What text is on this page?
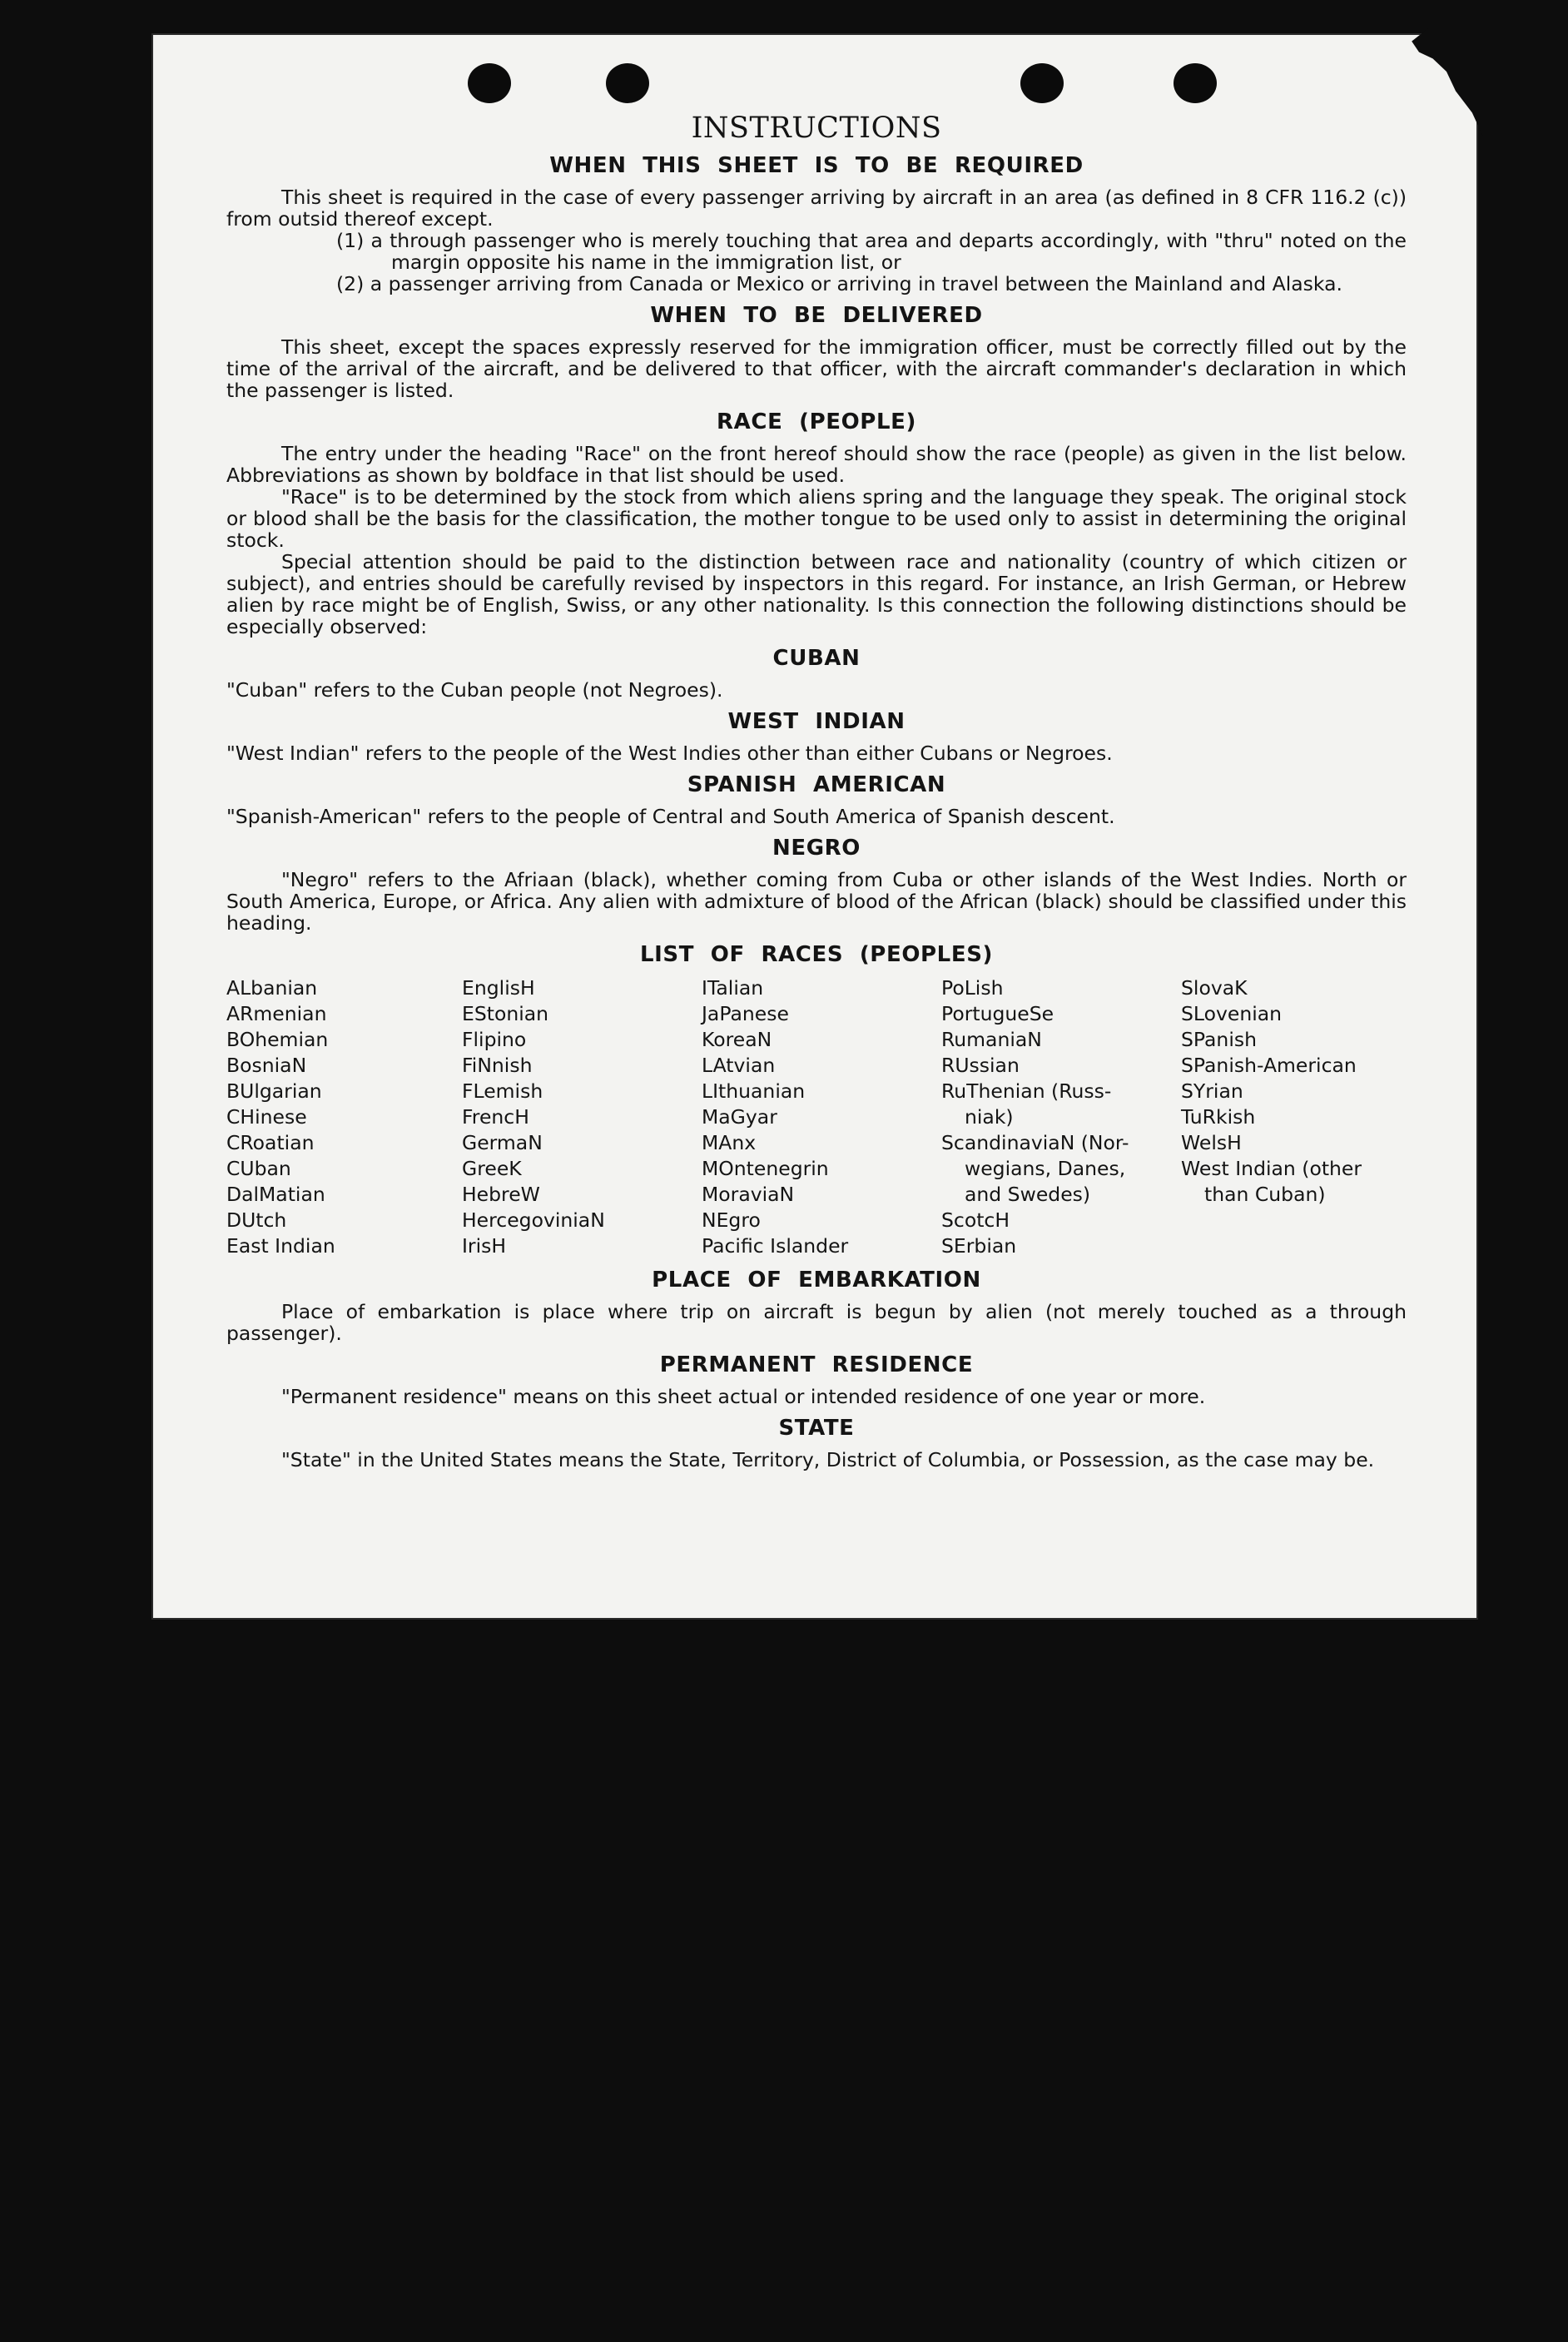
INSTRUCTIONS
WHEN THIS SHEET IS TO BE REQUIRED

This sheet is required in the case of every passenger arriving by aircraft in an area (as defined in 8 CFR 116.2 (c)) from outsid thereof except.

(1) a through passenger who is merely touching that area and departs accordingly, with "thru" noted on the margin opposite his name in the immigration list, or
(2) a passenger arriving from Canada or Mexico or arriving in travel between the Mainland and Alaska.
WHEN TO BE DELIVERED

This sheet, except the spaces expressly reserved for the immigration officer, must be correctly filled out by the time of the arrival of the aircraft, and be delivered to that officer, with the aircraft commander's declaration in which the passenger is listed.

RACE (PEOPLE)

The entry under the heading "Race" on the front hereof should show the race (people) as given in the list below. Abbreviations as shown by boldface in that list should be used.

"Race" is to be determined by the stock from which aliens spring and the language they speak. The original stock or blood shall be the basis for the classification, the mother tongue to be used only to assist in determining the original stock.

Special attention should be paid to the distinction between race and nationality (country of which citizen or subject), and entries should be carefully revised by inspectors in this regard. For instance, an Irish German, or Hebrew alien by race might be of English, Swiss, or any other nationality. Is this connection the following distinctions should be especially observed:

CUBAN

"Cuban" refers to the Cuban people (not Negroes).

WEST INDIAN

"West Indian" refers to the people of the West Indies other than either Cubans or Negroes.

SPANISH AMERICAN

"Spanish-American" refers to the people of Central and South America of Spanish descent.

NEGRO

"Negro" refers to the Afriaan (black), whether coming from Cuba or other islands of the West Indies. North or South America, Europe, or Africa. Any alien with admixture of blood of the African (black) should be classified under this heading.

LIST OF RACES (PEOPLES)
ALbanian
ARmenian
BOhemian
BosniaN
BUlgarian
CHinese
CRoatian
CUban
DalMatian
DUtch
East Indian
EnglisH
EStonian
Flipino
FiNnish
FLemish
FrencH
GermaN
GreeK
HebreW
HercegoviniaN
IrisH
ITalian
JaPanese
KoreaN
LAtvian
LIthuanian
MaGyar
MAnx
MOntenegrin
MoraviaN
NEgro
Pacific Islander
PoLish
PortugueSe
RumaniaN
RUssian
RuThenian (Russ-
niak)
ScandinaviaN (Nor-
wegians, Danes,
and Swedes)
ScotcH
SErbian
SlovaK
SLovenian
SPanish
SPanish-American
SYrian
TuRkish
WelsH
West Indian (other
than Cuban)
PLACE OF EMBARKATION

Place of embarkation is place where trip on aircraft is begun by alien (not merely touched as a through passenger).

PERMANENT RESIDENCE

"Permanent residence" means on this sheet actual or intended residence of one year or more.

STATE

"State" in the United States means the State, Territory, District of Columbia, or Possession, as the case may be.
